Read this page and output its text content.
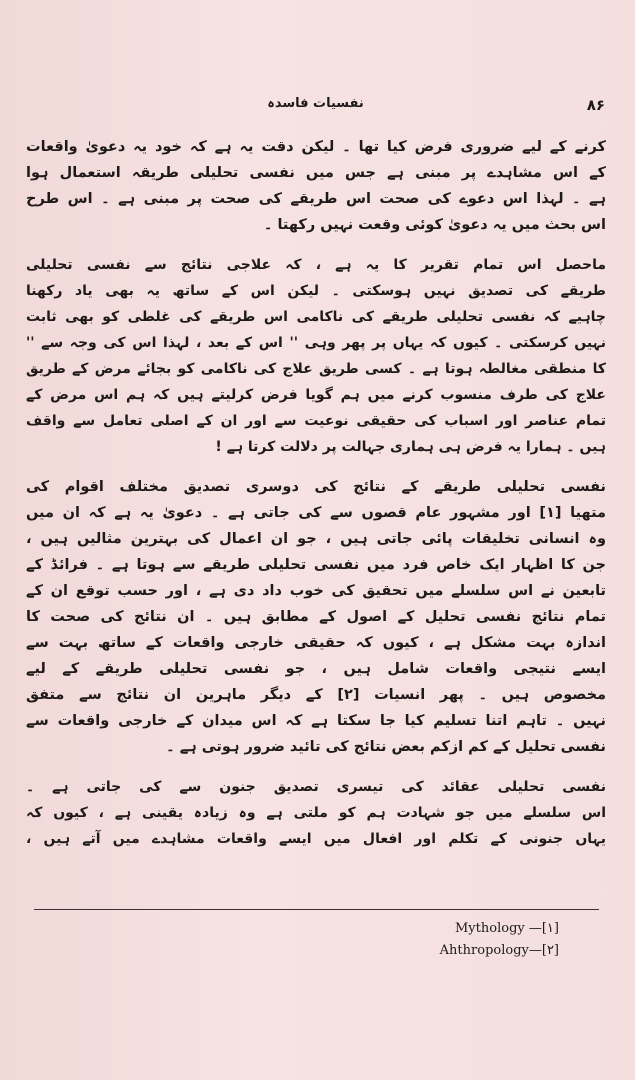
نفسیات فاسدہ	۸۶
کرنے کے لیے ضروری فرض کیا تھا ۔ لیکن دقت یہ ہے کہ خود یہ دعویٰ واقعات
کے اس مشاہدے پر مبنی ہے جس میں نفسی تحلیلی طریقہ استعمال ہوا
ہے ۔ لہذا اس دعوے کی صحت اس طریقے کی صحت پر مبنی ہے ۔ اس طرح
اس بحث میں یہ دعویٰ کوئی وقعت نہیں رکھتا ۔
ماحصل اس تمام تقریر کا یہ ہے ، کہ علاجی نتائج سے نفسی تحلیلی
طریقے کی تصدیق نہیں ہوسکتی ۔ لیکن اس کے ساتھ یہ بھی یاد رکھنا
چاہیے کہ نفسی تحلیلی طریقے کی ناکامی اس طریقے کی غلطی کو بھی ثابت
نہیں کرسکتی ۔ کیوں کہ یہاں پر پھر وہی '' اس کے بعد ، لہذا اس کی وجہ سے ''
کا منطقی مغالطہ ہوتا ہے ۔ کسی طریق علاج کی ناکامی کو بجائے مرض کے طریق
علاج کی طرف منسوب کرنے میں ہم گویا فرض کرلیتے ہیں کہ ہم اس مرض کے
تمام عناصر اور اسباب کی حقیقی نوعیت سے اور ان کے اصلی تعامل سے واقف
ہیں ۔ ہمارا یہ فرض ہی ہماری جہالت پر دلالت کرتا ہے !
نفسی تحلیلی طریقے کے نتائج کی دوسری تصدیق مختلف اقوام کی
متھیا [۱] اور مشہور عام قصوں سے کی جاتی ہے ۔ دعویٰ یہ ہے کہ ان میں
وہ انسانی تخلیقات پائی جاتی ہیں ، جو ان اعمال کی بہترین مثالیں ہیں ،
جن کا اظہار ایک خاص فرد میں نفسی تحلیلی طریقے سے ہوتا ہے ۔ فرائڈ کے
تابعین نے اس سلسلے میں تحقیق کی خوب داد دی ہے ، اور حسب توقع ان کے
تمام نتائج نفسی تحلیل کے اصول کے مطابق ہیں ۔ ان نتائج کی صحت کا
اندازہ بہت مشکل ہے ، کیوں کہ حقیقی خارجی واقعات کے ساتھ بہت سے
ایسے نتیجی واقعات شامل ہیں ، جو نفسی تحلیلی طریقے کے لیے
مخصوص ہیں ۔ پھر انسیات [۲] کے دیگر ماہرین ان نتائج سے متفق
نہیں ۔ تاہم اتنا تسلیم کیا جا سکتا ہے کہ اس میدان کے خارجی واقعات سے
نفسی تحلیل کے کم ازکم بعض نتائج کی تائید ضرور ہوتی ہے ۔
نفسی تحلیلی عقائد کی تیسری تصدیق جنون سے کی جاتی ہے ۔
اس سلسلے میں جو شہادت ہم کو ملتی ہے وہ زیادہ یقینی ہے ، کیوں کہ
یہاں جنونی کے تکلم اور افعال میں ایسے واقعات مشاہدے میں آتے ہیں ،
Mythology —[۱]
Ahthropology—[۲]
